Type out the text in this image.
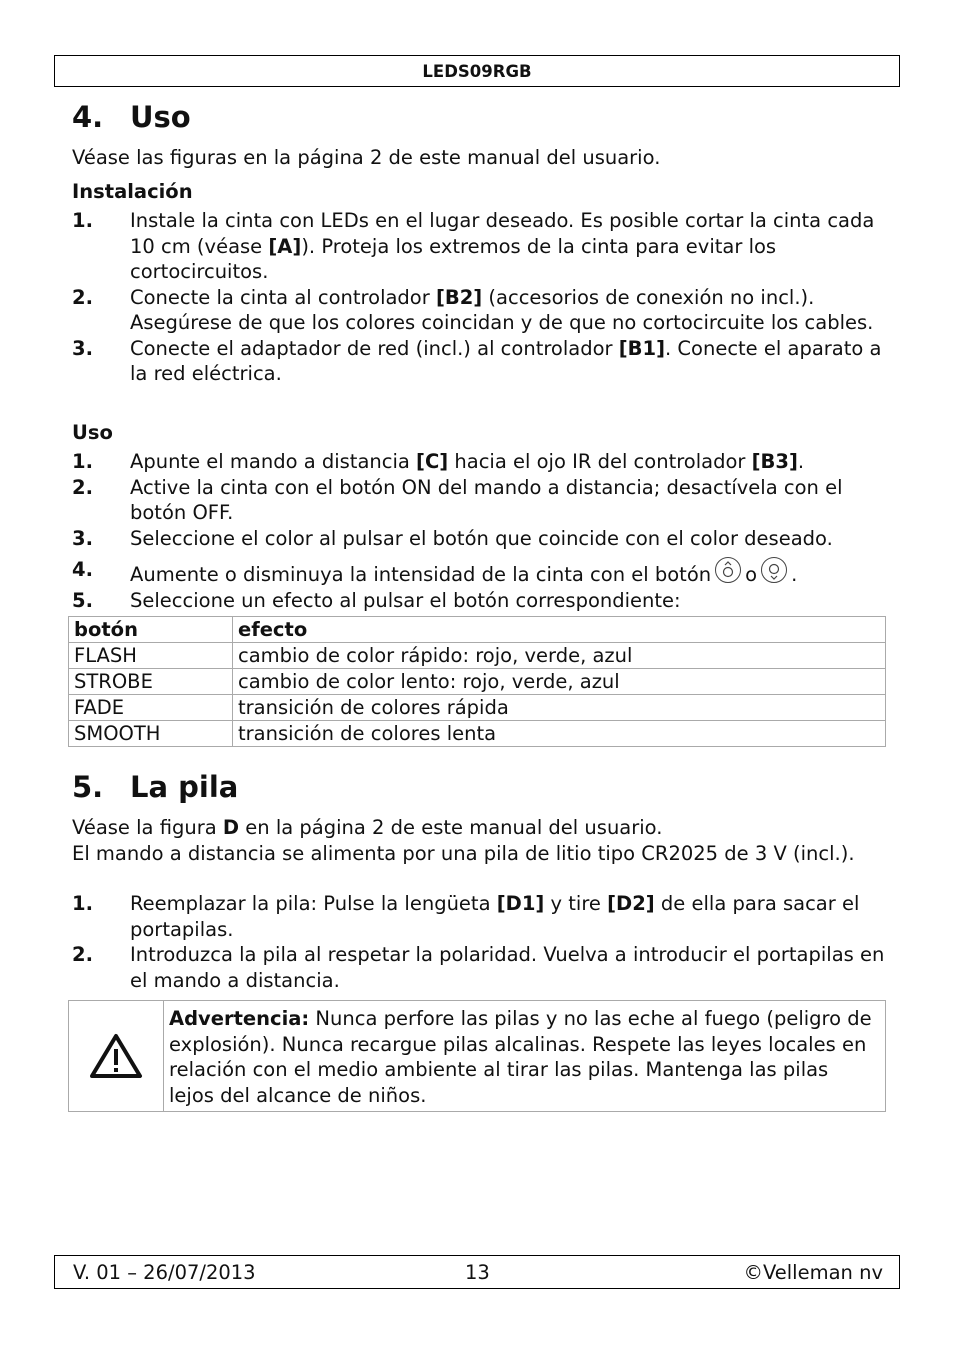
LEDS09RGB
4. Uso

Véase las figuras en la página 2 de este manual del usuario.

Instalación

1.	Instale la cinta con LEDs en el lugar deseado. Es posible cortar la cinta cada 10 cm (véase [A]). Proteja los extremos de la cinta para evitar los cortocircuitos.
2.	Conecte la cinta al controlador [B2] (accesorios de conexión no incl.). Asegúrese de que los colores coincidan y de que no cortocircuite los cables.
3.	Conecte el adaptador de red (incl.) al controlador [B1]. Conecte el aparato a la red eléctrica.

Uso

1.	Apunte el mando a distancia [C] hacia el ojo IR del controlador [B3].
2.	Active la cinta con el botón ON del mando a distancia; desactívela con el botón OFF.
3.	Seleccione el color al pulsar el botón que coincide con el color deseado.
4.	Aumente o disminuya la intensidad de la cinta con el botón o .
5.	Seleccione un efecto al pulsar el botón correspondiente:
botón	efecto
FLASH	cambio de color rápido: rojo, verde, azul
STROBE	cambio de color lento: rojo, verde, azul
FADE	transición de colores rápida
SMOOTH	transición de colores lenta
5. La pila

Véase la figura D en la página 2 de este manual del usuario.

El mando a distancia se alimenta por una pila de litio tipo CR2025 de 3 V (incl.).

1.	Reemplazar la pila: Pulse la lengüeta [D1] y tire [D2] de ella para sacar el portapilas.
2.	Introduzca la pila al respetar la polaridad. Vuelva a introducir el portapilas en el mando a distancia.
Advertencia: Nunca perfore las pilas y no las eche al fuego (peligro de explosión). Nunca recargue pilas alcalinas. Respete las leyes locales en relación con el medio ambiente al tirar las pilas. Mantenga las pilas lejos del alcance de niños.
V. 01 – 26/07/2013	13	©Velleman nv
